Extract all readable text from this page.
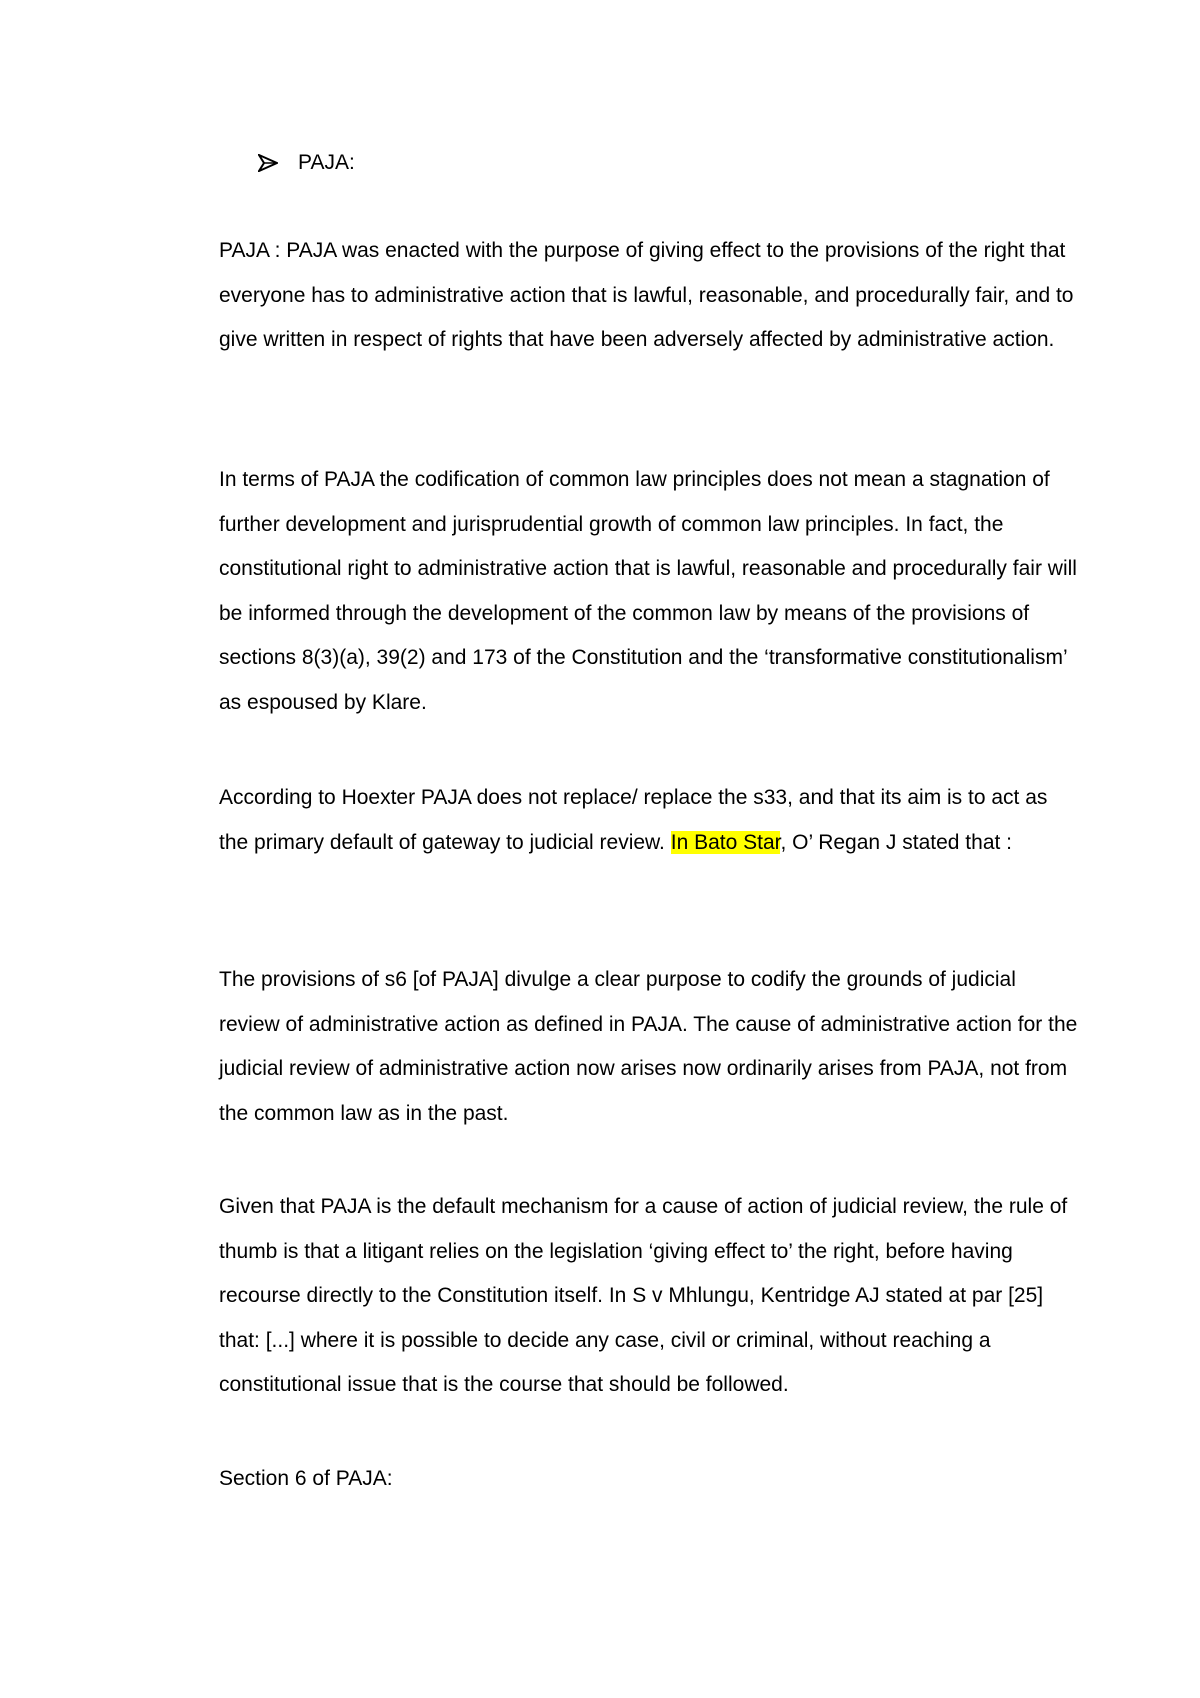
PAJA:

PAJA : PAJA was enacted with the purpose of giving effect to the provisions of the right that everyone has to administrative action that is lawful, reasonable, and procedurally fair, and to give written in respect of rights that have been adversely affected by administrative action.

In terms of PAJA the codification of common law principles does not mean a stagnation of further development and jurisprudential growth of common law principles. In fact, the constitutional right to administrative action that is lawful, reasonable and procedurally fair will be informed through the development of the common law by means of the provisions of sections 8(3)(a), 39(2) and 173 of the Constitution and the ‘transformative constitutionalism’ as espoused by Klare.

According to Hoexter PAJA does not replace/ replace the s33, and that its aim is to act as the primary default of gateway to judicial review. In Bato Star, O’ Regan J stated that :

The provisions of s6 [of PAJA] divulge a clear purpose to codify the grounds of judicial review of administrative action as defined in PAJA. The cause of administrative action for the judicial review of administrative action now arises now ordinarily arises from PAJA, not from the common law as in the past.

Given that PAJA is the default mechanism for a cause of action of judicial review, the rule of thumb is that a litigant relies on the legislation ‘giving effect to’ the right, before having recourse directly to the Constitution itself. In S v Mhlungu, Kentridge AJ stated at par [25] that: [...] where it is possible to decide any case, civil or criminal, without reaching a constitutional issue that is the course that should be followed.

Section 6 of PAJA:
